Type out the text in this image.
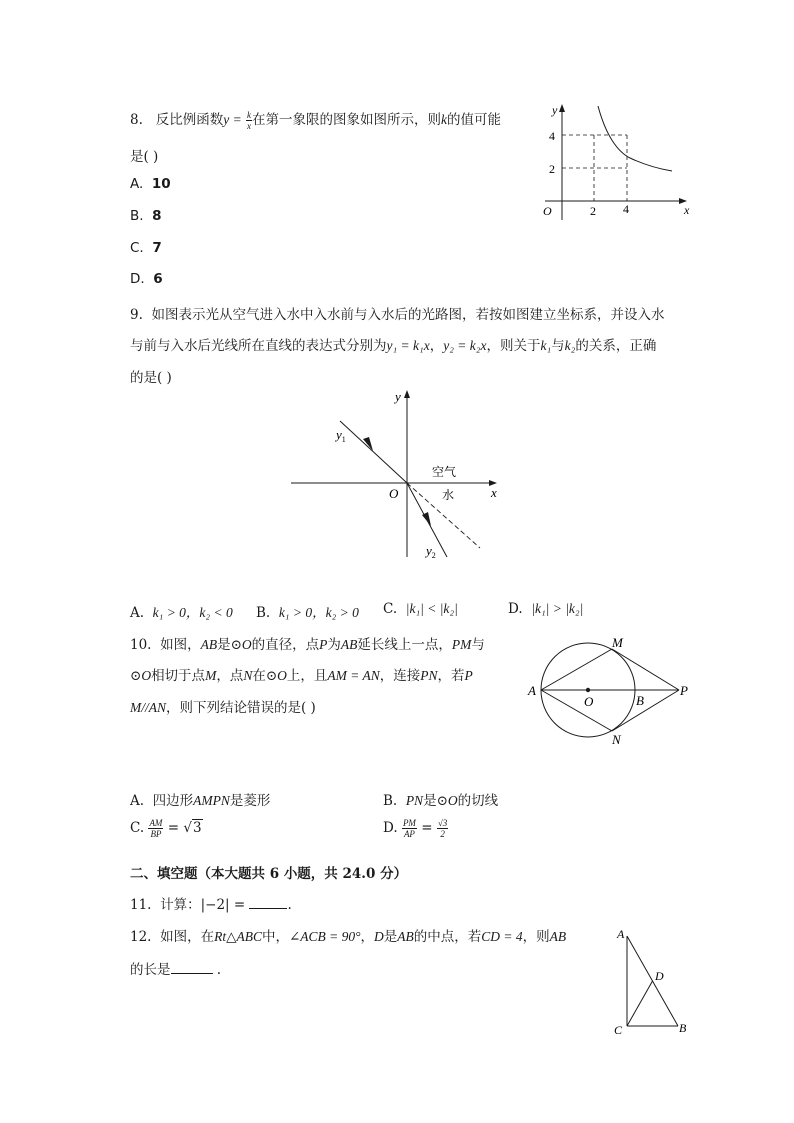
8. 反比例函数$y = \frac{k}{x}$ 在第一象限的图象如图所示，则k的值可能
是( )
A. 10
B. 8
C. 7
D. 6
y
x
O
4
2
2 4
9. 如图表示光从空气进入水中入水前与入水后的光路图，若按如图建立坐标系，并设入水
与前与入水后光线所在直线的表达式分别为y₁ = k₁x，y₂ = k₂x，则关于k₁与k₂的关系，正确
的是( )
$y_1$
$y_2$
y
x
O
空气
水
A. k₁ > 0，k₂ < 0 B. k₁ > 0，k₂ > 0 C. |k₁| < |k₂|	D. |k₁| > |k₂|
10. 如图，AB是⊙O的直径，点P为AB延长线上一点，PM与
⊙O相切于点M，点N在⊙O上，且AM = AN，连接PN，若P
M//AN，则下列结论错误的是( )
A
O	B
P
M
N
A. 四边形AMPN是菱形	B. PN是⊙O的切线
C. $\frac{AM}{BP} = √3$	D. $\frac{PM}{AP} = \frac{√3}{2}$
二、填空题（本大题共 6 小题，共 24.0 分）
11. 计算：|−2| =	.
12. 如图，在Rt△ABC中，∠ACB = 90°，D是AB的中点，若CD = 4，则AB
的长是	.
A
D
C	B
